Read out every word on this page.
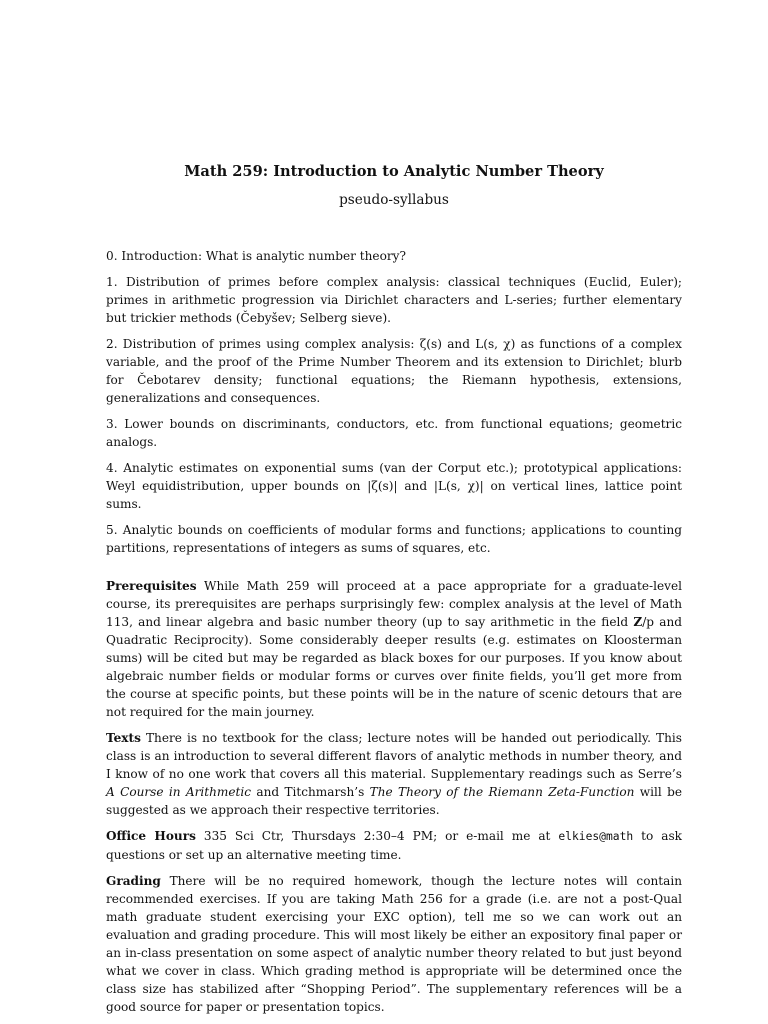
Math 259: Introduction to Analytic Number Theory
pseudo-syllabus

0. Introduction: What is analytic number theory?

1. Distribution of primes before complex analysis: classical techniques (Euclid, Euler); primes in arithmetic progression via Dirichlet characters and L-series; further elementary but trickier methods (Čebyšev; Selberg sieve).

2. Distribution of primes using complex analysis: ζ(s) and L(s, χ) as functions of a complex variable, and the proof of the Prime Number Theorem and its extension to Dirichlet; blurb for Čebotarev density; functional equations; the Riemann hypothesis, extensions, generalizations and consequences.

3. Lower bounds on discriminants, conductors, etc. from functional equations; geometric analogs.

4. Analytic estimates on exponential sums (van der Corput etc.); prototypical applications: Weyl equidistribution, upper bounds on |ζ(s)| and |L(s, χ)| on vertical lines, lattice point sums.

5. Analytic bounds on coefficients of modular forms and functions; applications to counting partitions, representations of integers as sums of squares, etc.

Prerequisites While Math 259 will proceed at a pace appropriate for a graduate-level course, its prerequisites are perhaps surprisingly few: complex analysis at the level of Math 113, and linear algebra and basic number theory (up to say arithmetic in the field Z/p and Quadratic Reciprocity). Some considerably deeper results (e.g. estimates on Kloosterman sums) will be cited but may be regarded as black boxes for our purposes. If you know about algebraic number fields or modular forms or curves over finite fields, you’ll get more from the course at specific points, but these points will be in the nature of scenic detours that are not required for the main journey.

Texts There is no textbook for the class; lecture notes will be handed out periodically. This class is an introduction to several different flavors of analytic methods in number theory, and I know of no one work that covers all this material. Supplementary readings such as Serre’s A Course in Arithmetic and Titchmarsh’s The Theory of the Riemann Zeta-Function will be suggested as we approach their respective territories.

Office Hours 335 Sci Ctr, Thursdays 2:30–4 PM; or e-mail me at elkies@math to ask questions or set up an alternative meeting time.

Grading There will be no required homework, though the lecture notes will contain recommended exercises. If you are taking Math 256 for a grade (i.e. are not a post-Qual math graduate student exercising your EXC option), tell me so we can work out an evaluation and grading procedure. This will most likely be either an expository final paper or an in-class presentation on some aspect of analytic number theory related to but just beyond what we cover in class. Which grading method is appropriate will be determined once the class size has stabilized after “Shopping Period”. The supplementary references will be a good source for paper or presentation topics.
